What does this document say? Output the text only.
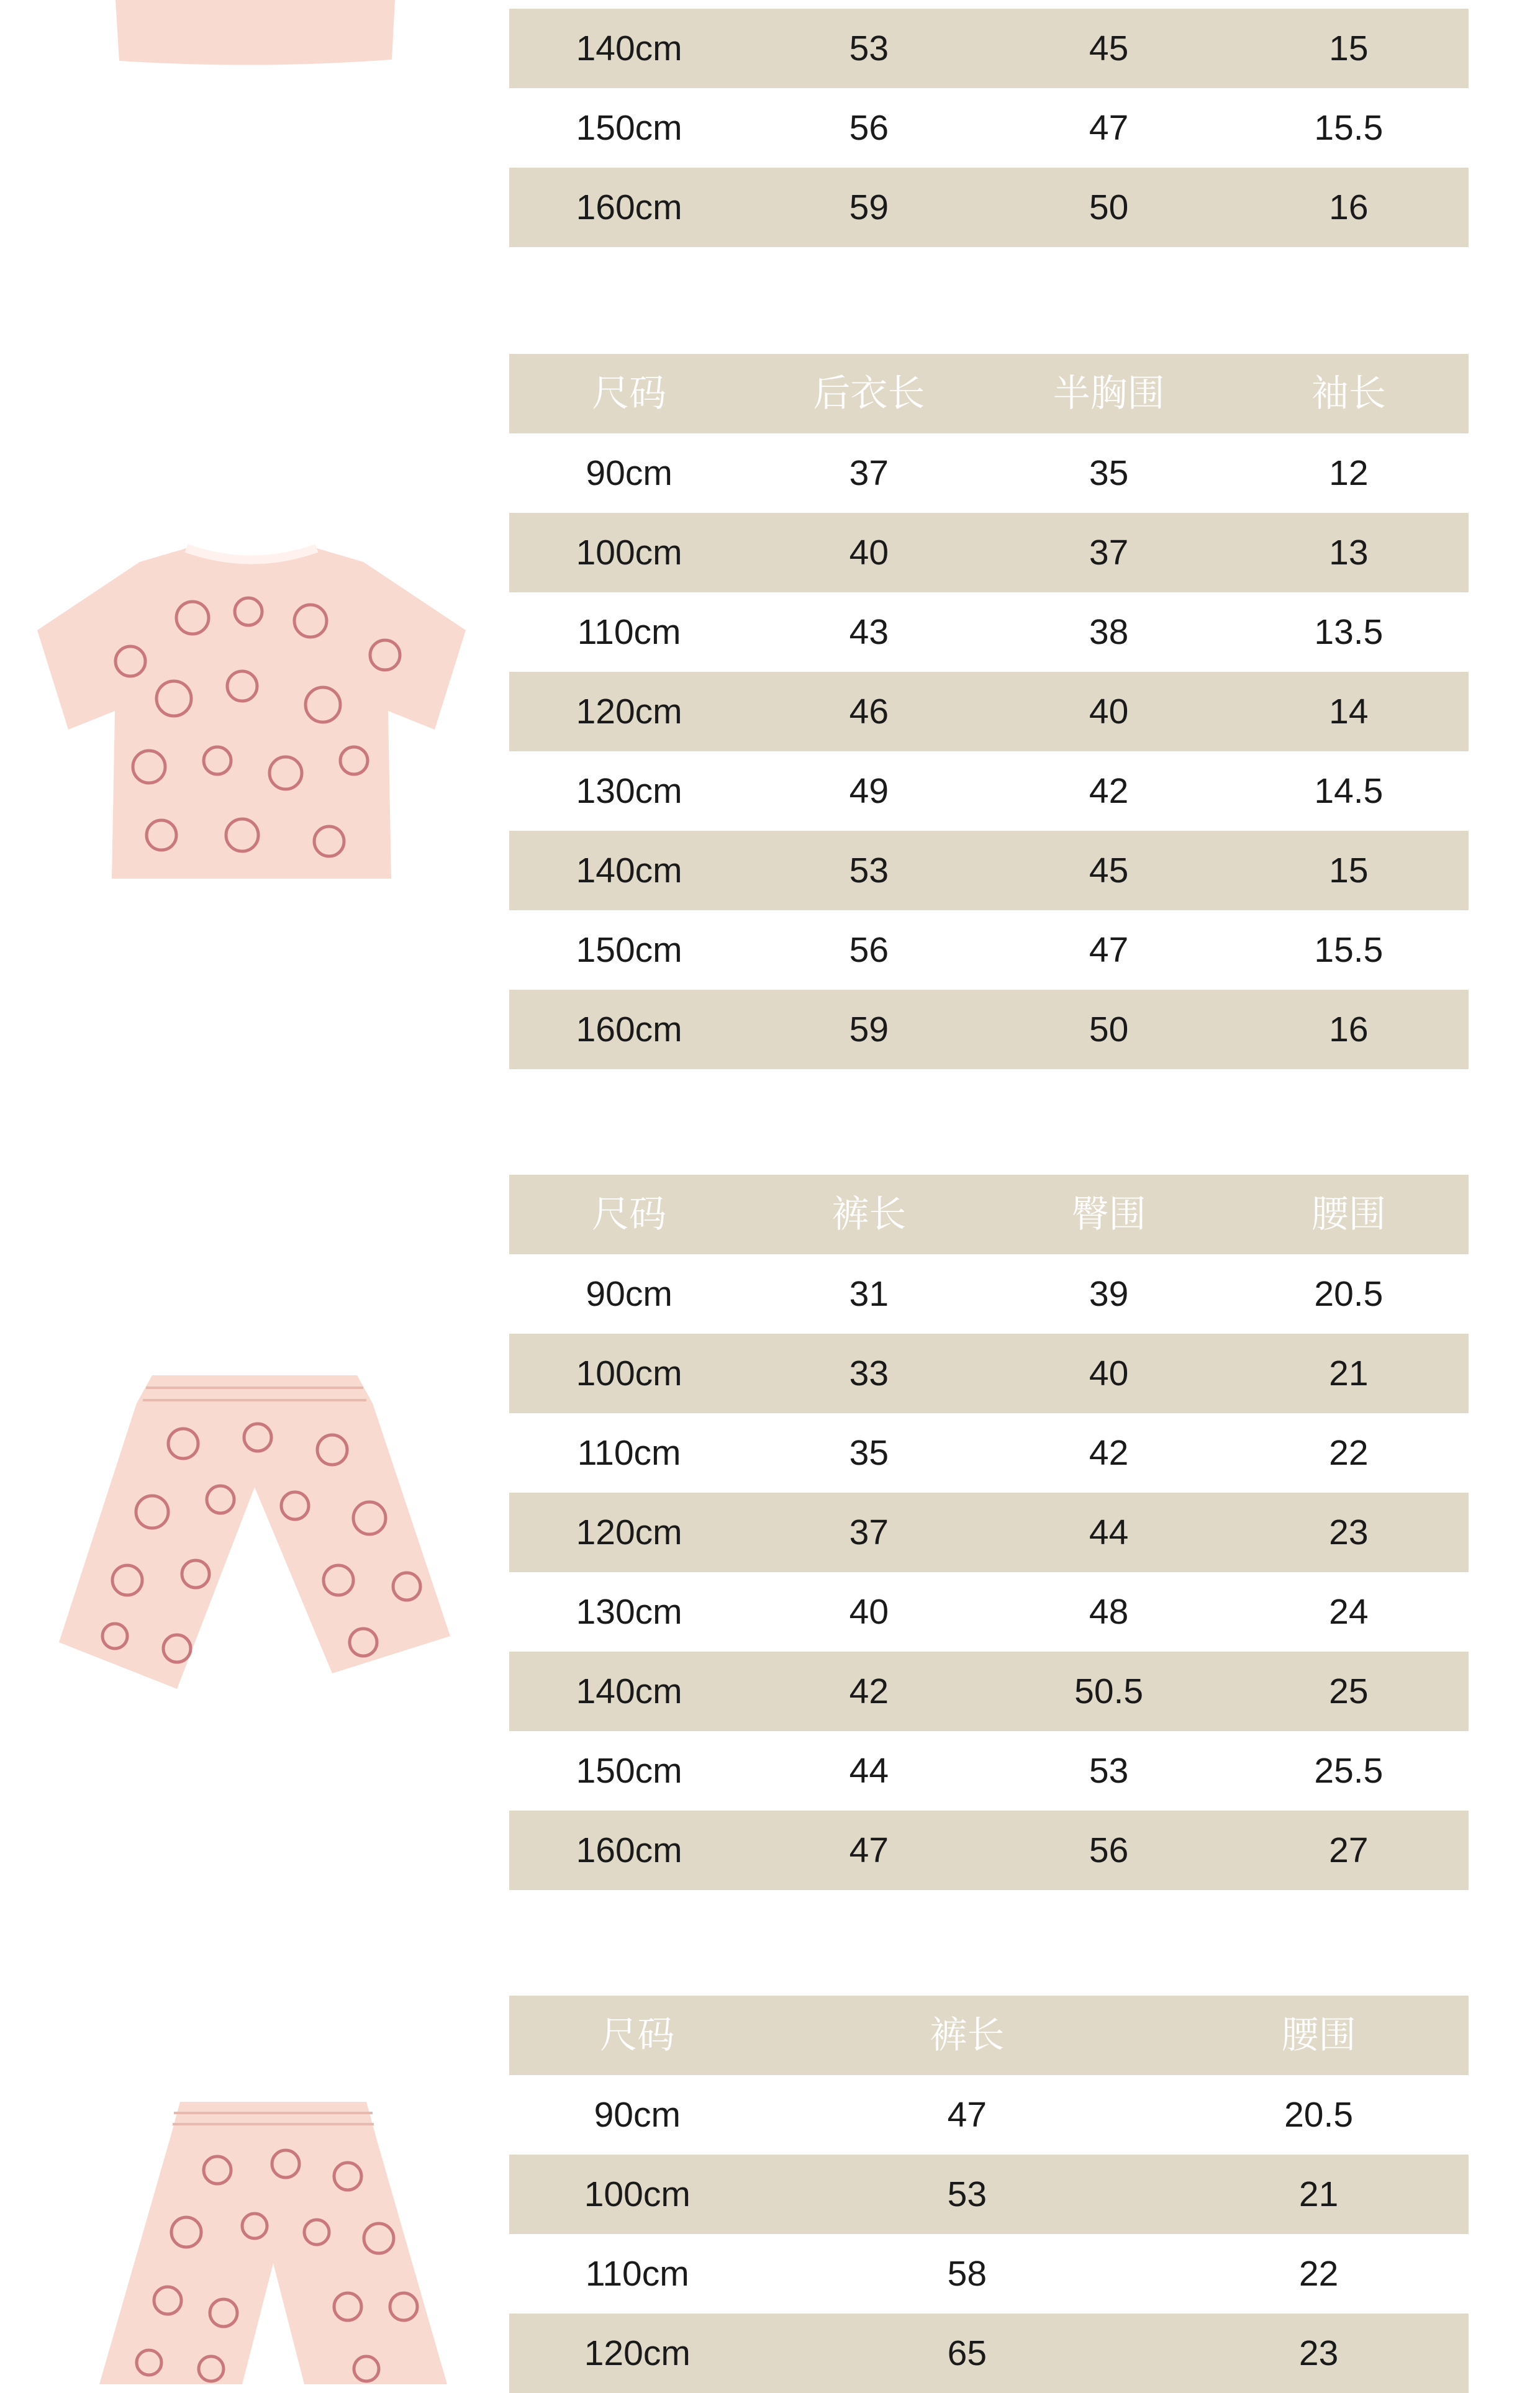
140cm	53	45	15
150cm	56	47	15.5
160cm	59	50	16
尺码	后衣长	半胸围	袖长
90cm	37	35	12
100cm	40	37	13
110cm	43	38	13.5
120cm	46	40	14
130cm	49	42	14.5
140cm	53	45	15
150cm	56	47	15.5
160cm	59	50	16
尺码	裤长	臀围	腰围
90cm	31	39	20.5
100cm	33	40	21
110cm	35	42	22
120cm	37	44	23
130cm	40	48	24
140cm	42	50.5	25
150cm	44	53	25.5
160cm	47	56	27
尺码	裤长	腰围
90cm	47	20.5
100cm	53	21
110cm	58	22
120cm	65	23
